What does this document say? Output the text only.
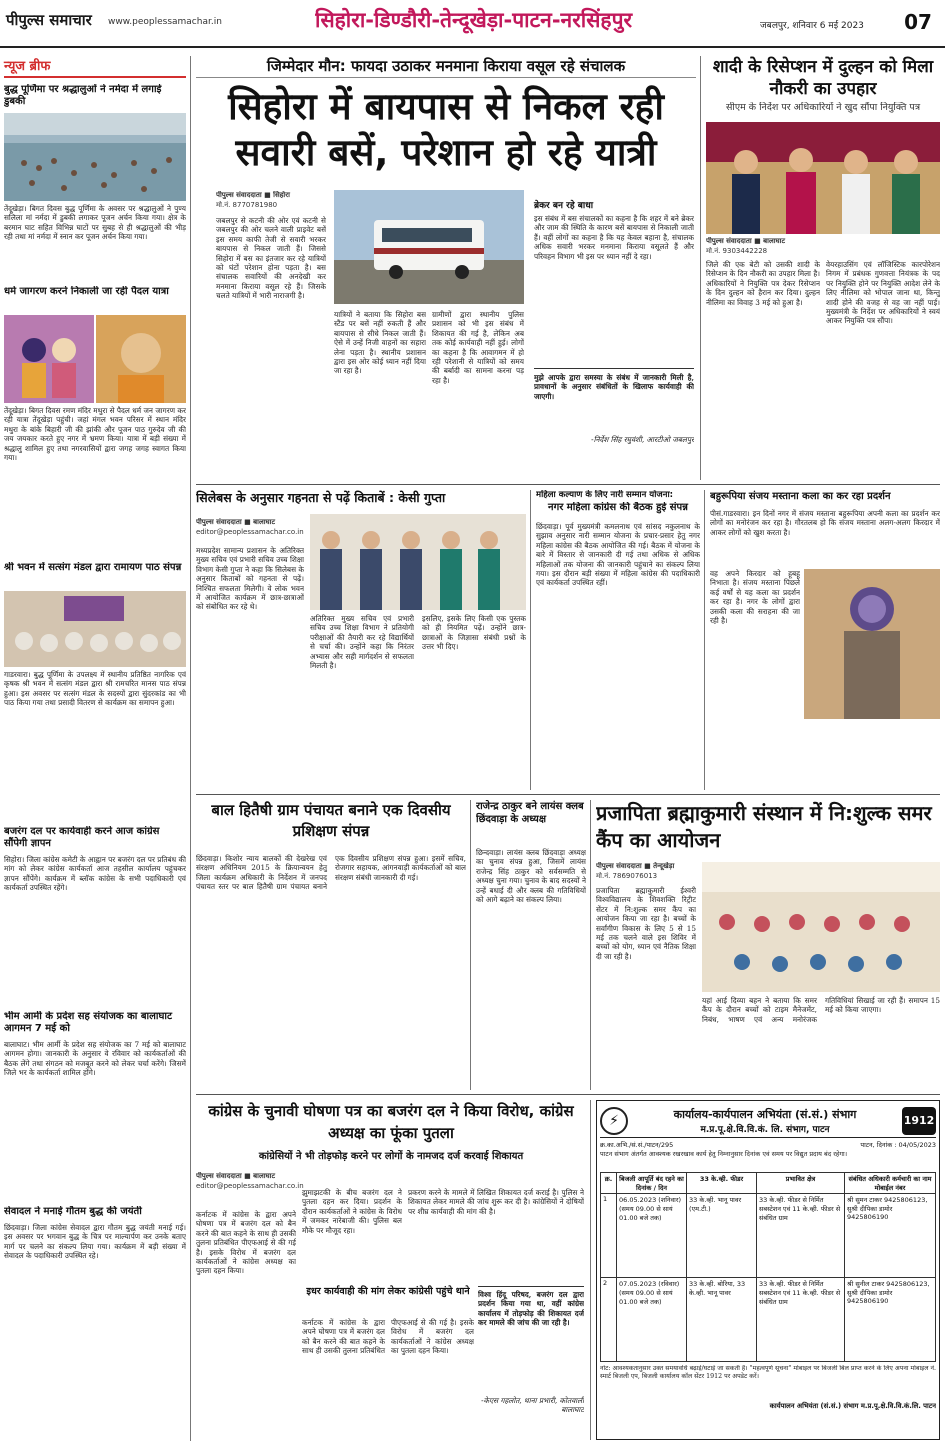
पीपुल्स समाचार	www.peoplessamachar.in	सिहोरा-डिण्डौरी-तेन्दूखेड़ा-पाटन-नरसिंहपुर	जबलपुर, शनिवार 6 मई 2023	07
न्यूज ब्रीफ
बुद्ध पूर्णिमा पर श्रद्धालुओं ने नर्मदा में लगाई डुबकी
तेंदूखेड़ा। बिगत दिवस बुद्ध पूर्णिमा के अवसर पर श्रद्धालुओं ने पुण्य सलिला मां नर्मदा में डुबकी लगाकर पूजन अर्चन किया गया। क्षेत्र के बरमान घाट सहित विभिन्न घाटों पर सुबह से ही श्रद्धालुओं की भीड़ रही तथा मां नर्मदा में स्नान कर पूजन अर्चन किया गया।
धर्म जागरण करने निकाली जा रही पैदल यात्रा
तेंदूखेड़ा। बिगत दिवस रमण मंदिर मथुरा से पैदल धर्म जन जागरण कर रही यात्रा तेंदूखेड़ा पहुंची। जहां मंगल भवन परिसर में स्थान मंदिर मथुरा के बांके बिहारी जी की झांकी और पूजन पाठ गुरुदेव जी की जय जयकार करते हुए नगर में भ्रमण किया। यात्रा में बड़ी संख्या में श्रद्धालु शामिल हुए तथा नगरवासियों द्वारा जगह जगह स्वागत किया गया।
श्री भवन में सत्संग मंडल द्वारा रामायण पाठ संपन्न
गाडरवारा। बुद्ध पूर्णिमा के उपलक्ष्य में स्थानीय प्रतिष्ठित नागरिक एवं कृषक श्री भवन में सत्संग मंडल द्वारा श्री रामचरित मानस पाठ संपन्न हुआ। इस अवसर पर सत्संग मंडल के सदस्यों द्वारा सुंदरकांड का भी पाठ किया गया तथा प्रसादी वितरण से कार्यक्रम का समापन हुआ।
बजरंग दल पर कार्यवाही करने आज कांग्रेस सौंपेगी ज्ञापन
सिहोरा। जिला कांग्रेस कमेटी के आह्वान पर बजरंग दल पर प्रतिबंध की मांग को लेकर कांग्रेस कार्यकर्ता आज तहसील कार्यालय पहुंचकर ज्ञापन सौंपेंगे। कार्यक्रम में ब्लॉक कांग्रेस के सभी पदाधिकारी एवं कार्यकर्ता उपस्थित रहेंगे।
भीम आर्मी के प्रदेश सह संयोजक का बालाघाट आगमन 7 मई को
बालाघाट। भीम आर्मी के प्रदेश सह संयोजक का 7 मई को बालाघाट आगमन होगा। जानकारी के अनुसार वे रविवार को कार्यकर्ताओं की बैठक लेंगे तथा संगठन को मजबूत करने को लेकर चर्चा करेंगे। जिसमें जिले भर के कार्यकर्ता शामिल होंगे।
सेवादल ने मनाई गौतम बुद्ध की जयंती
छिंदवाड़ा। जिला कांग्रेस सेवादल द्वारा गौतम बुद्ध जयंती मनाई गई। इस अवसर पर भगवान बुद्ध के चित्र पर माल्यार्पण कर उनके बताए मार्ग पर चलने का संकल्प लिया गया। कार्यक्रम में बड़ी संख्या में सेवादल के पदाधिकारी उपस्थित रहे।
जिम्मेदार मौन: फायदा उठाकर मनमाना किराया वसूल रहे संचालक
सिहोरा में बायपास से निकल रही सवारी बसें, परेशान हो रहे यात्री
पीपुल्स संवाददाता ■ सिहोरा
मो.नं. 8770781980	ब्रेकर बन रहे बाधा
जबलपुर से कटनी की ओर एवं कटनी से जबलपुर की ओर चलने वाली प्राइवेट बसें इस समय काफी तेजी से सवारी भरकर बायपास से निकल जाती हैं। जिससे सिहोरा में बस का इंतजार कर रहे यात्रियों को घंटों परेशान होना पड़ता है। बस संचालक सवारियों की अनदेखी कर मनमाना किराया वसूल रहे हैं। जिसके चलते यात्रियों में भारी नाराजगी है।
यात्रियों ने बताया कि सिहोरा बस स्टैंड पर बसें नहीं रुकती हैं और बायपास से सीधे निकल जाती हैं। ऐसे में उन्हें निजी वाहनों का सहारा लेना पड़ता है। स्थानीय प्रशासन द्वारा इस ओर कोई ध्यान नहीं दिया जा रहा है।
ग्रामीणों द्वारा स्थानीय पुलिस प्रशासन को भी इस संबंध में शिकायत की गई है, लेकिन अब तक कोई कार्यवाही नहीं हुई। लोगों का कहना है कि आवागमन में हो रही परेशानी से यात्रियों को समय की बर्बादी का सामना करना पड़ रहा है।
इस संबंध में बस संचालकों का कहना है कि शहर में बने ब्रेकर और जाम की स्थिति के कारण बसें बायपास से निकाली जाती हैं। वहीं लोगों का कहना है कि यह केवल बहाना है, संचालक अधिक सवारी भरकर मनमाना किराया वसूलते हैं और परिवहन विभाग भी इस पर ध्यान नहीं दे रहा।
मुझे आपके द्वारा समस्या के संबंध में जानकारी मिली है, प्रावधानों के अनुसार संबंधितों के खिलाफ कार्यवाही की जाएगी।
-निर्देश सिंह रघुवंशी, आरटीओ जबलपुर
शादी के रिसेप्शन में दुल्हन को मिला नौकरी का उपहार
सीएम के निर्देश पर अधिकारियों ने खुद सौंपा नियुक्ति पत्र
पीपुल्स संवाददाता ■ बालाघाट
मो.नं. 9303442228
जिले की एक बेटी को उसकी शादी के रिसेप्शन के दिन नौकरी का उपहार मिला है। अधिकारियों ने नियुक्ति पत्र देकर रिसेप्शन के दिन दुल्हन को हैरान कर दिया। दुल्हन नीलिमा का विवाह 3 मई को हुआ है।
वेयरहाउसिंग एवं लॉजिस्टिक कारपोरेशन निगम में प्रबंधक गुणवत्ता नियंत्रक के पद पर नियुक्ति होने पर नियुक्ति आदेश लेने के लिए नीलिमा को भोपाल जाना था, किन्तु शादी होने की वजह से वह जा नहीं पाई। मुख्यमंत्री के निर्देश पर अधिकारियों ने स्वयं आकर नियुक्ति पत्र सौंपा।
सिलेबस के अनुसार गहनता से पढ़ें किताबें : केसी गुप्ता
पीपुल्स संवाददाता ■ बालाघाट
editor@peoplessamachar.co.in
मध्यप्रदेश सामान्य प्रशासन के अतिरिक्त मुख्य सचिव एवं प्रभारी सचिव उच्च शिक्षा विभाग केसी गुप्ता ने कहा कि सिलेबस के अनुसार किताबों को गहनता से पढ़ें। निश्चित सफलता मिलेगी। वे लोक भवन में आयोजित कार्यक्रम में छात्र-छात्राओं को संबोधित कर रहे थे।
अतिरिक्त मुख्य सचिव एवं प्रभारी सचिव उच्च शिक्षा विभाग ने प्रतियोगी परीक्षाओं की तैयारी कर रहे विद्यार्थियों से चर्चा की। उन्होंने कहा कि निरंतर अभ्यास और सही मार्गदर्शन से सफलता मिलती है।
इसलिए, इसके लिए किसी एक पुस्तक को ही नियमित पढ़ें। उन्होंने छात्र-छात्राओं के जिज्ञासा संबंधी प्रश्नों के उत्तर भी दिए।
महिला कल्याण के लिए नारी सम्मान योजना:
नगर महिला कांग्रेस की बैठक हुई संपन्न
छिंदवाड़ा। पूर्व मुख्यमंत्री कमलनाथ एवं सांसद नकुलनाथ के सुझाव अनुसार नारी सम्मान योजना के प्रचार-प्रसार हेतु नगर महिला कांग्रेस की बैठक आयोजित की गई। बैठक में योजना के बारे में विस्तार से जानकारी दी गई तथा अधिक से अधिक महिलाओं तक योजना की जानकारी पहुंचाने का संकल्प लिया गया। इस दौरान बड़ी संख्या में महिला कांग्रेस की पदाधिकारी एवं कार्यकर्ता उपस्थित रहीं।
बहुरूपिया संजय मस्ताना कला का कर रहा प्रदर्शन
पीसं.गाडरवारा। इन दिनों नगर में संजय मस्ताना बहुरूपिया अपनी कला का प्रदर्शन कर लोगों का मनोरंजन कर रहा है। गौरतलब हो कि संजय मस्ताना अलग-अलग किरदार में आकर लोगों को खुश करता है।
वह अपने किरदार को हूबहू निभाता है। संजय मस्ताना पिछले कई वर्षों से यह कला का प्रदर्शन कर रहा है। नगर के लोगों द्वारा उसकी कला की सराहना की जा रही है।
बाल हितैषी ग्राम पंचायत बनाने एक दिवसीय प्रशिक्षण संपन्न
छिंदवाड़ा। किशोर न्याय बालकों की देखरेख एवं संरक्षण अधिनियम 2015 के क्रियान्वयन हेतु जिला कार्यक्रम अधिकारी के निर्देशन में जनपद पंचायत स्तर पर बाल हितैषी ग्राम पंचायत बनाने एक दिवसीय प्रशिक्षण संपन्न हुआ। इसमें सचिव, रोजगार सहायक, आंगनवाड़ी कार्यकर्ताओं को बाल संरक्षण संबंधी जानकारी दी गई।
राजेन्द्र ठाकुर बने लायंस क्लब छिंदवाड़ा के अध्यक्ष
छिन्दवाड़ा। लायंस क्लब छिंदवाड़ा अध्यक्ष का चुनाव संपन्न हुआ, जिसमें लायंस राजेन्द्र सिंह ठाकुर को सर्वसम्मति से अध्यक्ष चुना गया। चुनाव के बाद सदस्यों ने उन्हें बधाई दी और क्लब की गतिविधियों को आगे बढ़ाने का संकल्प लिया।
प्रजापिता ब्रह्माकुमारी संस्थान में नि:शुल्क समर कैंप का आयोजन
पीपुल्स संवाददाता ■ तेन्दूखेड़ा
मो.नं. 7869076013
प्रजापिता ब्रह्माकुमारी ईश्वरी विश्वविद्यालय के शिवशक्ति रिट्रीट सेंटर में नि:शुल्क समर कैंप का आयोजन किया जा रहा है। बच्चों के सर्वांगीण विकास के लिए 5 से 15 मई तक चलने वाले इस शिविर में बच्चों को योग, ध्यान एवं नैतिक शिक्षा दी जा रही है।
यहां आई दिव्या बहन ने बताया कि समर कैंप के दौरान बच्चों को टाइम मैनेजमेंट, निबंध, भाषण एवं अन्य मनोरंजक गतिविधियां सिखाई जा रही हैं। समापन 15 मई को किया जाएगा।
कांग्रेस के चुनावी घोषणा पत्र का बजरंग दल ने किया विरोध, कांग्रेस अध्यक्ष का फूंका पुतला
कांग्रेसियों ने भी तोड़फोड़ करने पर लोगों के नामजद दर्ज करवाई शिकायत
पीपुल्स संवाददाता ■ बालाघाट
editor@peoplessamachar.co.in
कर्नाटक में कांग्रेस के द्वारा अपने घोषणा पत्र में बजरंग दल को बैन करने की बात कहने के साथ ही उसकी तुलना प्रतिबंधित पीएफआई से की गई है। इसके विरोध में बजरंग दल कार्यकर्ताओं ने कांग्रेस अध्यक्ष का पुतला दहन किया।
झुमाझटकी के बीच बजरंग दल ने पुतला दहन कर दिया। प्रदर्शन के दौरान कार्यकर्ताओं ने कांग्रेस के विरोध में जमकर नारेबाजी की। पुलिस बल मौके पर मौजूद रहा।
इधर कार्यवाही की मांग लेकर कांग्रेसी पहुंचे थाने
प्रकरण करने के मामले में लिखित शिकायत दर्ज कराई है। पुलिस ने शिकायत लेकर मामले की जांच शुरू कर दी है। कांग्रेसियों ने दोषियों पर शीघ्र कार्यवाही की मांग की है।
विश्व हिंदू परिषद, बजरंग दल द्वारा प्रदर्शन किया गया था, वहीं कांग्रेस कार्यालय में तोड़फोड़ की शिकायत दर्ज कर मामले की जांच की जा रही है।
-केएस गहलोत, थाना प्रभारी, कोतवाली बालाघाट
कर्नाटक में कांग्रेस के द्वारा अपने घोषणा पत्र में बजरंग दल को बैन करने की बात कहने के साथ ही उसकी तुलना प्रतिबंधित पीएफआई से की गई है। इसके विरोध में बजरंग दल कार्यकर्ताओं ने कांग्रेस अध्यक्ष का पुतला दहन किया।
⚡	कार्यालय-कार्यपालन अभियंता (सं.सं.) संभाग
म.प्र.पू.क्षे.वि.वि.कं. लि. संभाग, पाटन
1912
क्र.का.अभि./सं.सं./पाटन/295	पाटन, दिनांक : 04/05/2023
पाटन संभाग अंतर्गत आवश्यक रखरखाव कार्य हेतु निम्नानुसार दिनांक एवं समय पर विद्युत प्रदाय बंद रहेगा।
क्र.	बिजली आपूर्ति बंद रहने का दिनांक / दिन	33 के.व्ही. फीडर	प्रभावित क्षेत्र	संबंधित अधिकारी कर्मचारी का नाम मोबाईल नंबर
1	06.05.2023 (शनिवार) (समय 09.00 से सायं 01.00 बजे तक)	33 के.व्ही. भानू पावर (एम.टी.)	33 के.व्ही. फीडर से निर्मित सबस्टेशन एवं 11 के.व्ही. फीडर से संबंधित ग्राम	श्री सुमन टाकर 9425806123, सुश्री दीपिका डामोर 9425806190
2	07.05.2023 (रविवार) (समय 09.00 से सायं 01.00 बजे तक)	33 के.व्ही. बोरिया, 33 के.व्ही. भानू पावर	33 के.व्ही. फीडर से निर्मित सबस्टेशन एवं 11 के.व्ही. फीडर से संबंधित ग्राम	श्री सुनील टाकर 9425806123, सुश्री दीपिका डामोर 9425806190
नोट: आवश्यकतानुसार उक्त समयावधि बढ़ाई/घटाई जा सकती है। "महत्वपूर्ण सूचना" मोबाइल पर बिजली बिल प्राप्त करने के लिए अपना मोबाइल नं. स्मार्ट बिजली एप, बिजली कार्यालय कॉल सेंटर 1912 पर अपडेट करें।
कार्यपालन अभियंता (सं.सं.) संभाग म.प्र.पू.क्षे.वि.वि.कं.लि. पाटन
